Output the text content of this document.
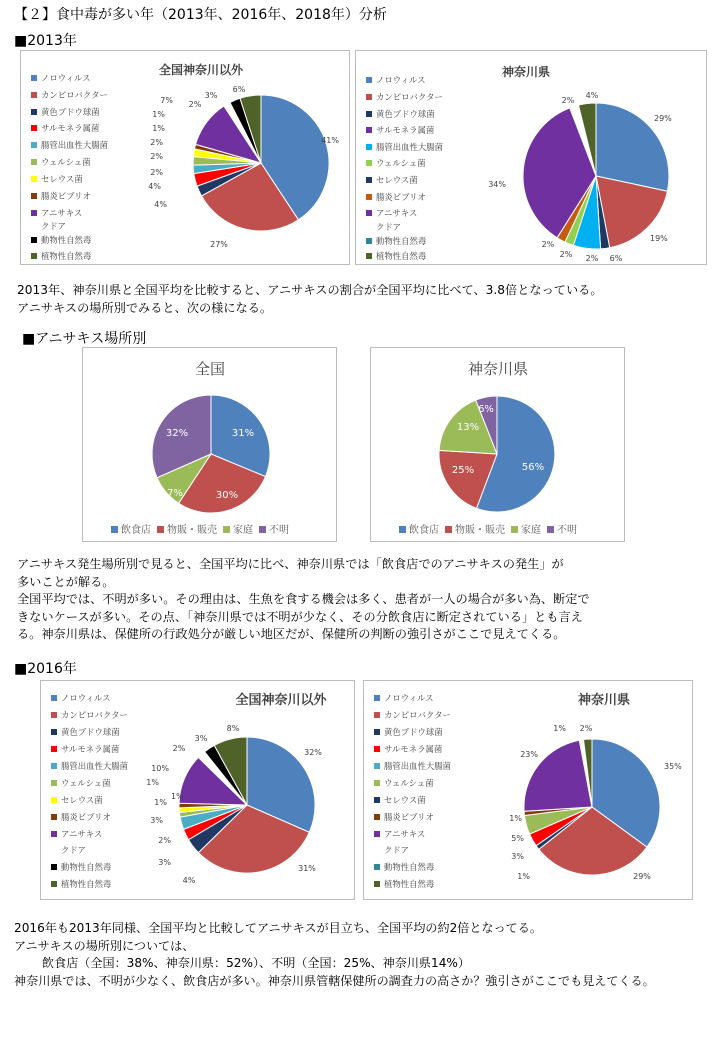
【２】食中毒が多い年（2013年、2016年、2018年）分析
■2013年
全国神奈川以外
ノロウィルス
カンピロバクター
黄色ブドウ球菌
サルモネラ属菌
腸管出血性大腸菌
ウェルシュ菌
セレウス菌
腸炎ビブリオ
アニサキス
クドア
動物性自然毒
植物性自然毒
41%
27%
4%
4%
2%
2%
2%
1%
1%
7% 2%
3%
6%
神奈川県
ノロウィルス
カンピロバクター
黄色ブドウ球菌
サルモネラ属菌
腸管出血性大腸菌
ウェルシュ菌
セレウス菌
腸炎ビブリオ
アニサキス
クドア
動物性自然毒
植物性自然毒
29%
19%
6%
2%
2%
2%
34%
2%
4%
2013年、神奈川県と全国平均を比較すると、アニサキスの割合が全国平均に比べて、3.8倍となっている。
アニサキスの場所別でみると、次の様になる。
■アニサキス場所別
全国
31%
30%
7%
32%
飲食店 物販・販売 家庭 不明
神奈川県
56%
25%
13%
6%
飲食店 物販・販売 家庭 不明
アニサキス発生場所別で見ると、全国平均に比べ、神奈川県では「飲食店でのアニサキスの発生」が
多いことが解る。
全国平均では、不明が多い。その理由は、生魚を食する機会は多く、患者が一人の場合が多い為、断定で
きないケースが多い。その点、「神奈川県では不明が少なく、その分飲食店に断定されている」とも言え
る。神奈川県は、保健所の行政処分が厳しい地区だが、保健所の判断の強引さがここで見えてくる。
■2016年
全国神奈川以外
ノロウィルス
カンピロバクター
黄色ブドウ球菌
サルモネラ属菌
腸管出血性大腸菌
ウェルシュ菌
セレウス菌
腸炎ビブリオ
アニサキス
クドア
動物性自然毒
植物性自然毒
32%
31%
4%
3%
2%
3%
1%
1%
1%
10%
2%
3%
8%
神奈川県
ノロウィルス
カンピロバクター
黄色ブドウ球菌
サルモネラ属菌
腸管出血性大腸菌
ウェルシュ菌
セレウス菌
腸炎ビブリオ
アニサキス
クドア
動物性自然毒
植物性自然毒
35%
29%
1%
3%
5%
1%
23%
1% 2%
2016年も2013年同様、全国平均と比較してアニサキスが目立ち、全国平均の約2倍となってる。
アニサキスの場所別については、
飲食店（全国：38%、神奈川県：52%）、不明（全国：25%、神奈川県14%）
神奈川県では、不明が少なく、飲食店が多い。神奈川県管轄保健所の調査力の高さか？強引さがここでも見えてくる。
